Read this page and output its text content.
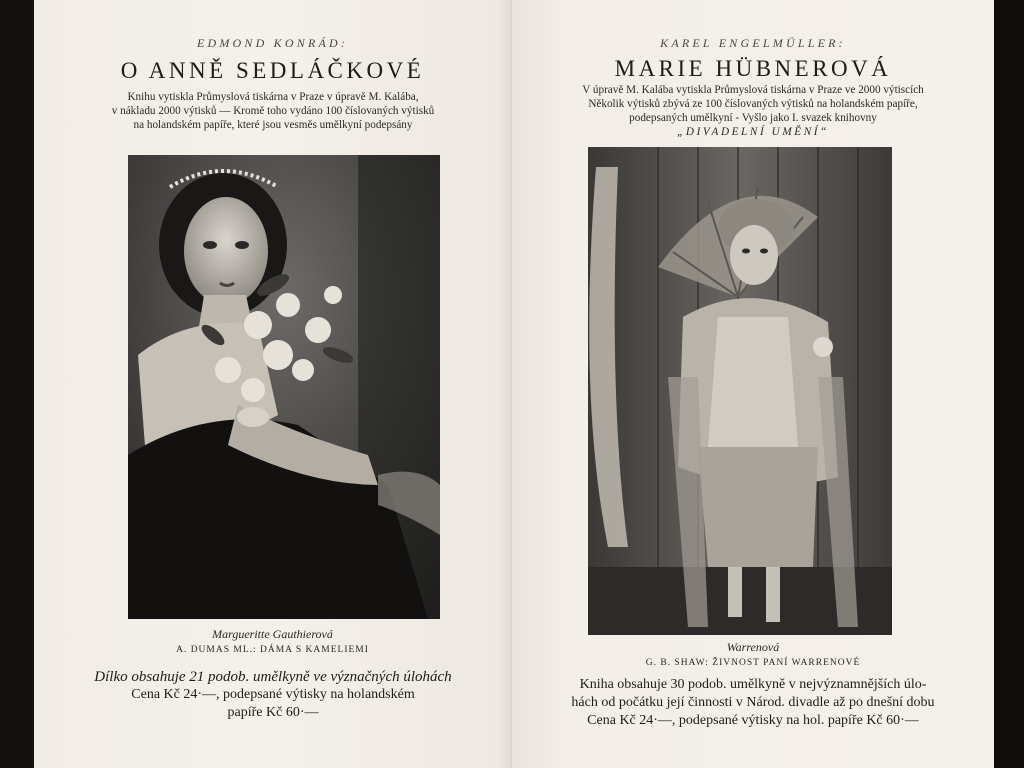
EDMOND KONRÁD:
O ANNĚ SEDLÁČKOVÉ
Knihu vytiskla Průmyslová tiskárna v Praze v úpravě M. Kalába,
v nákladu 2000 výtisků — Kromě toho vydáno 100 číslovaných výtisků
na holandském papíře, které jsou vesměs umělkyní podepsány
Margueritte Gauthierová
A. DUMAS ML.: DÁMA S KAMELIEMI
Dílko obsahuje 21 podob. umělkyně ve význačných úlohách
Cena Kč 24·—, podepsané výtisky na holandském
papíře Kč 60·—
KAREL ENGELMÜLLER:
MARIE HÜBNEROVÁ
V úpravě M. Kalába vytiskla Průmyslová tiskárna v Praze ve 2000 výtiscích
Několik výtisků zbývá ze 100 číslovaných výtisků na holandském papíře,
podepsaných umělkyní - Vyšlo jako I. svazek knihovny
„DIVADELNÍ UMĚNÍ“
Warrenová
G. B. SHAW: ŽIVNOST PANÍ WARRENOVÉ
Kniha obsahuje 30 podob. umělkyně v nejvýznamnějších úlo-
hách od počátku její činnosti v Národ. divadle až po dnešní dobu
Cena Kč 24·—, podepsané výtisky na hol. papíře Kč 60·—
